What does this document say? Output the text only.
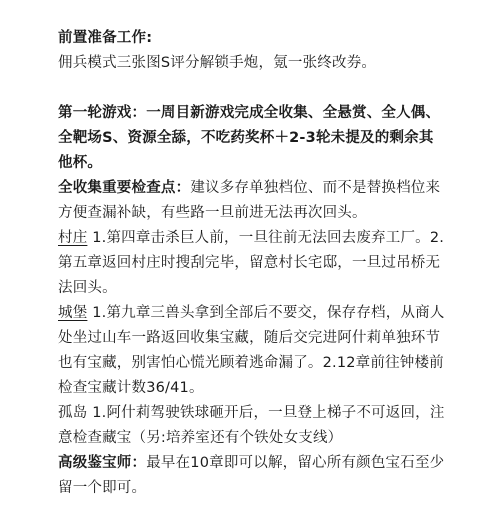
前置准备工作:
佣兵模式三张图S评分解锁手炮，氪一张终改券。
第一轮游戏：一周目新游戏完成全收集、全悬赏、全人偶、
全靶场S、资源全舔，不吃药奖杯＋2-3轮未提及的剩余其
他杯。
全收集重要检查点：建议多存单独档位、而不是替换档位来
方便查漏补缺，有些路一旦前进无法再次回头。
村庄 1.第四章击杀巨人前，一旦往前无法回去废弃工厂。2.
第五章返回村庄时搜刮完毕，留意村长宅邸，一旦过吊桥无
法回头。
城堡 1.第九章三兽头拿到全部后不要交，保存存档，从商人
处坐过山车一路返回收集宝藏，随后交完进阿什莉单独环节
也有宝藏，别害怕心慌光顾着逃命漏了。2.12章前往钟楼前
检查宝藏计数36/41。
孤岛 1.阿什莉驾驶铁球砸开后，一旦登上梯子不可返回，注
意检查藏宝（另:培养室还有个铁处女支线）
高级鉴宝师：最早在10章即可以解，留心所有颜色宝石至少
留一个即可。
